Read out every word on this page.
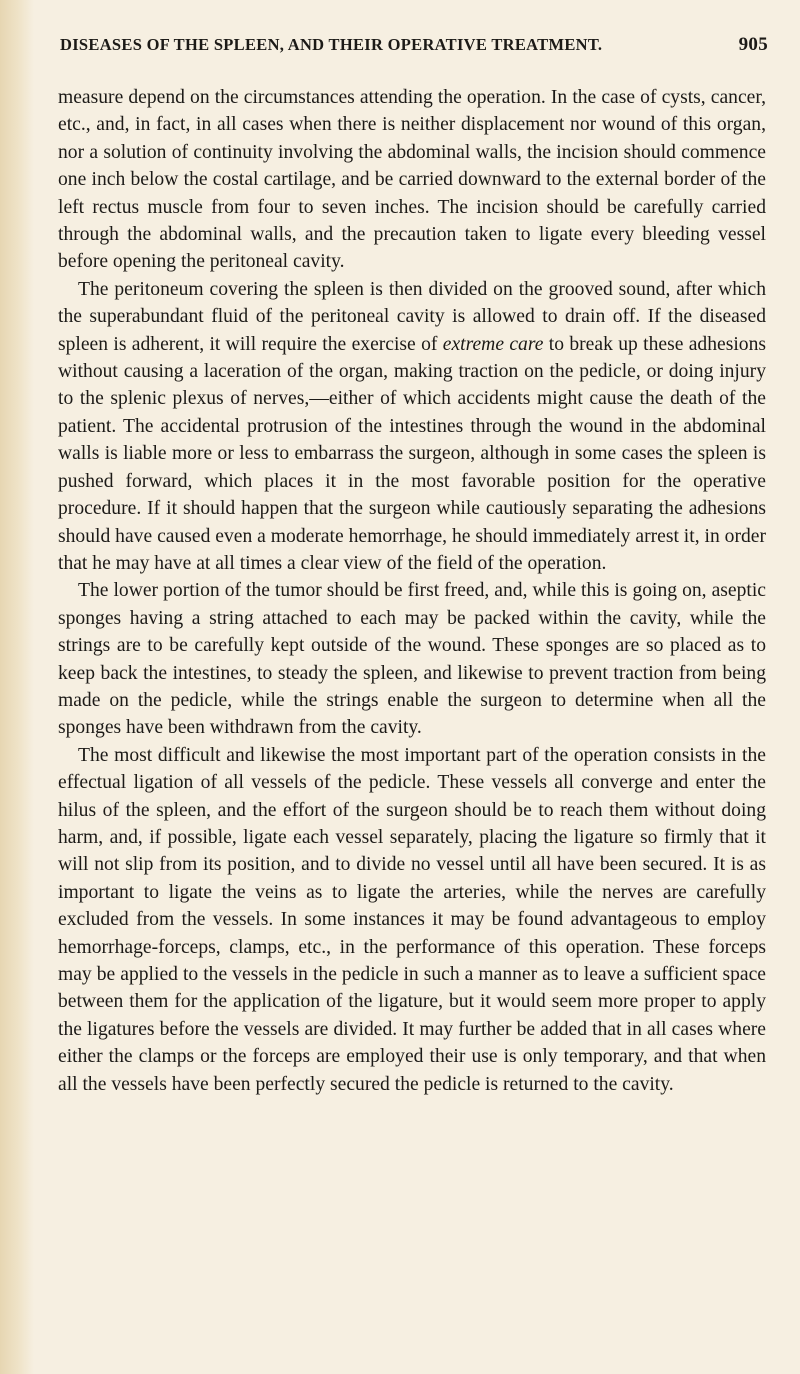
DISEASES OF THE SPLEEN, AND THEIR OPERATIVE TREATMENT.	905

measure depend on the circumstances attending the operation. In the case of cysts, cancer, etc., and, in fact, in all cases when there is neither displacement nor wound of this organ, nor a solution of continuity involving the abdominal walls, the incision should commence one inch below the costal cartilage, and be carried downward to the external border of the left rectus muscle from four to seven inches. The incision should be carefully carried through the abdominal walls, and the precaution taken to ligate every bleeding vessel before opening the peritoneal cavity.

The peritoneum covering the spleen is then divided on the grooved sound, after which the superabundant fluid of the peritoneal cavity is allowed to drain off. If the diseased spleen is adherent, it will require the exercise of extreme care to break up these adhesions without causing a laceration of the organ, making traction on the pedicle, or doing injury to the splenic plexus of nerves,—either of which accidents might cause the death of the patient. The accidental protrusion of the intestines through the wound in the abdominal walls is liable more or less to embarrass the surgeon, although in some cases the spleen is pushed forward, which places it in the most favorable position for the operative procedure. If it should happen that the surgeon while cautiously separating the adhesions should have caused even a moderate hemorrhage, he should immediately arrest it, in order that he may have at all times a clear view of the field of the operation.

The lower portion of the tumor should be first freed, and, while this is going on, aseptic sponges having a string attached to each may be packed within the cavity, while the strings are to be carefully kept outside of the wound. These sponges are so placed as to keep back the intestines, to steady the spleen, and likewise to prevent traction from being made on the pedicle, while the strings enable the surgeon to determine when all the sponges have been withdrawn from the cavity.

The most difficult and likewise the most important part of the operation consists in the effectual ligation of all vessels of the pedicle. These vessels all converge and enter the hilus of the spleen, and the effort of the surgeon should be to reach them without doing harm, and, if possible, ligate each vessel separately, placing the ligature so firmly that it will not slip from its position, and to divide no vessel until all have been secured. It is as important to ligate the veins as to ligate the arteries, while the nerves are carefully excluded from the vessels. In some instances it may be found advantageous to employ hemorrhage-forceps, clamps, etc., in the performance of this operation. These forceps may be applied to the vessels in the pedicle in such a manner as to leave a sufficient space between them for the application of the ligature, but it would seem more proper to apply the ligatures before the vessels are divided. It may further be added that in all cases where either the clamps or the forceps are employed their use is only temporary, and that when all the vessels have been perfectly secured the pedicle is returned to the cavity.
